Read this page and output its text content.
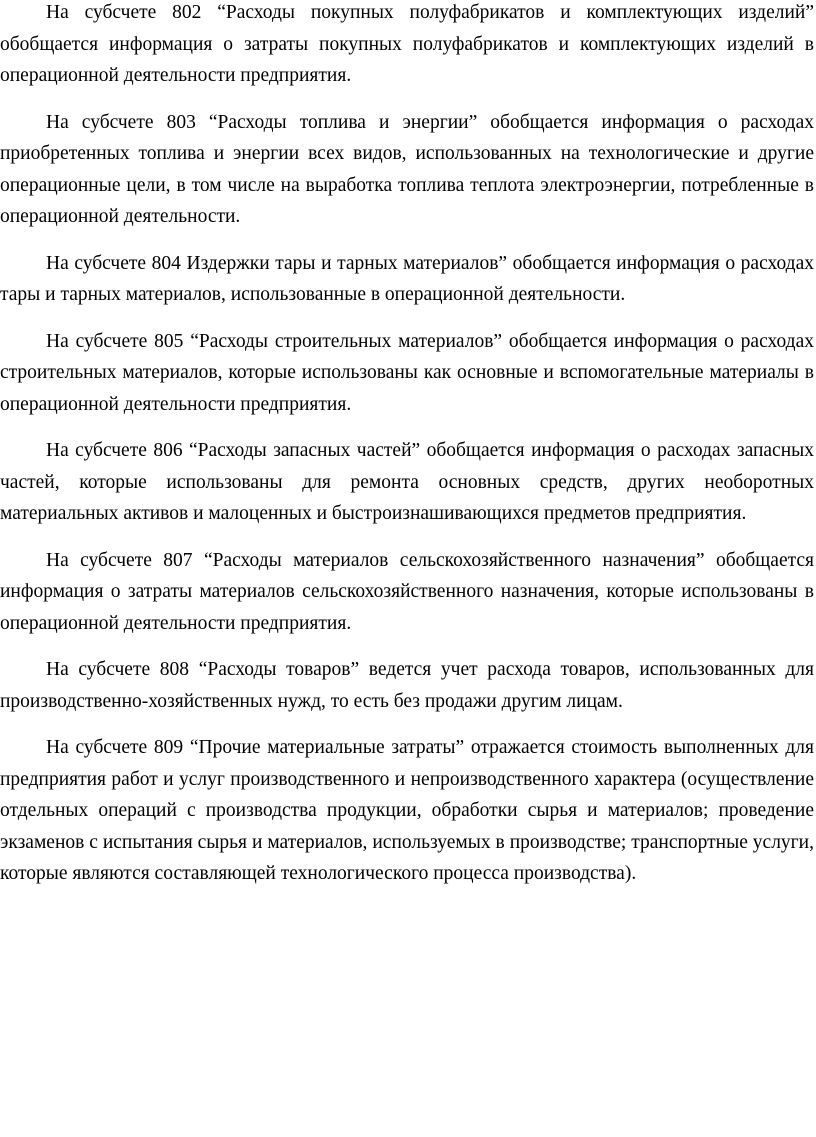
На субсчете 802 “Расходы покупных полуфабрикатов и комплектующих изделий” обобщается информация о затраты покупных полуфабрикатов и комплектующих изделий в операционной деятельности предприятия.

На субсчете 803 “Расходы топлива и энергии” обобщается информация о расходах приобретенных топлива и энергии всех видов, использованных на технологические и другие операционные цели, в том числе на выработка топлива теплота электроэнергии, потребленные в операционной деятельности.

На субсчете 804 Издержки тары и тарных материалов” обобщается информация о расходах тары и тарных материалов, использованные в операционной деятельности.

На субсчете 805 “Расходы строительных материалов” обобщается информация о расходах строительных материалов, которые использованы как основные и вспомогательные материалы в операционной деятельности предприятия.

На субсчете 806 “Расходы запасных частей” обобщается информация о расходах запасных частей, которые использованы для ремонта основных средств, других необоротных материальных активов и малоценных и быстроизнашивающихся предметов предприятия.

На субсчете 807 “Расходы материалов сельскохозяйственного назначения” обобщается информация о затраты материалов сельскохозяйственного назначения, которые использованы в операционной деятельности предприятия.

На субсчете 808 “Расходы товаров” ведется учет расхода товаров, использованных для производственно-хозяйственных нужд, то есть без продажи другим лицам.

На субсчете 809 “Прочие материальные затраты” отражается стоимость выполненных для предприятия работ и услуг производственного и непроизводственного характера (осуществление отдельных операций с производства продукции, обработки сырья и материалов; проведение экзаменов с испытания сырья и материалов, используемых в производстве; транспортные услуги, которые являются составляющей технологического процесса производства).
